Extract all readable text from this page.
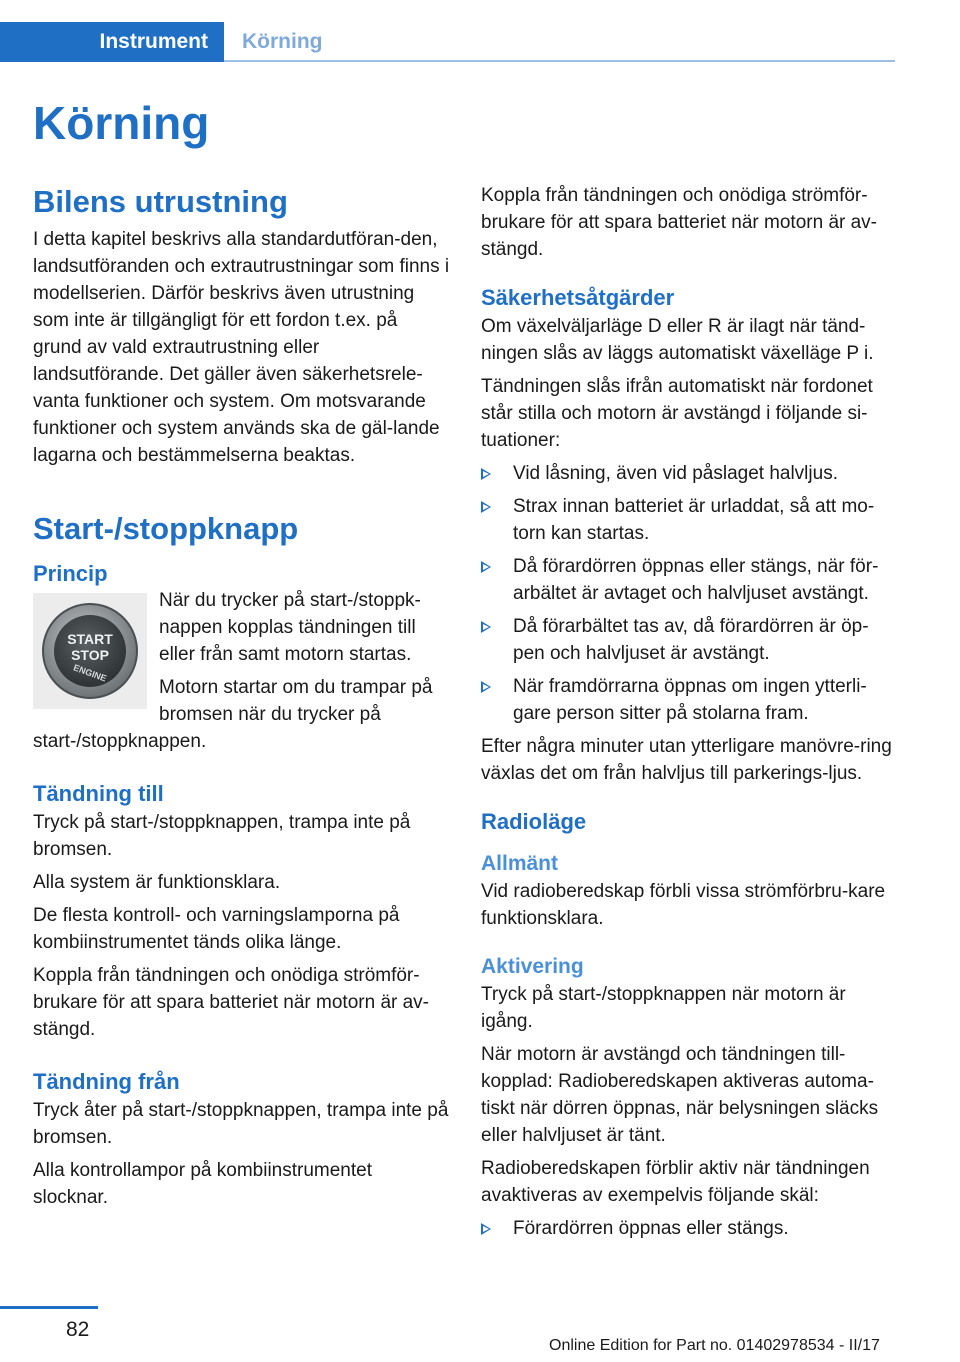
Instrument	Körning
Körning
Bilens utrustning

I detta kapitel beskrivs alla standardutföran-den, landsutföranden och extrautrustningar som finns i modellserien. Därför beskrivs även utrustning som inte är tillgängligt för ett fordon t.ex. på grund av vald extrautrustning eller landsutförande. Det gäller även säkerhetsrele-vanta funktioner och system. Om motsvarande funktioner och system används ska de gäl-lande lagarna och bestämmelserna beaktas.

Start-/stoppknapp
Princip
START
STOP
ENGINE

När du trycker på start-/stoppk-nappen kopplas tändningen till eller från samt motorn startas.

Motorn startar om du trampar på bromsen när du trycker på start-/stoppknappen.

Tändning till

Tryck på start-/stoppknappen, trampa inte på bromsen.

Alla system är funktionsklara.

De flesta kontroll- och varningslamporna på kombiinstrumentet tänds olika länge.

Koppla från tändningen och onödiga strömför-brukare för att spara batteriet när motorn är av-stängd.

Tändning från

Tryck åter på start-/stoppknappen, trampa inte på bromsen.

Alla kontrollampor på kombiinstrumentet slocknar.

Koppla från tändningen och onödiga strömför-brukare för att spara batteriet när motorn är av-stängd.

Säkerhetsåtgärder

Om växelväljarläge D eller R är ilagt när tänd-ningen slås av läggs automatiskt växelläge P i.

Tändningen slås ifrån automatiskt när fordonet står stilla och motorn är avstängd i följande si-tuationer:

Vid låsning, även vid påslaget halvljus.
Strax innan batteriet är urladdat, så att mo-torn kan startas.
Då förardörren öppnas eller stängs, när för-arbältet är avtaget och halvljuset avstängt.
Då förarbältet tas av, då förardörren är öp-pen och halvljuset är avstängt.
När framdörrarna öppnas om ingen ytterli-gare person sitter på stolarna fram.

Efter några minuter utan ytterligare manövre-ring växlas det om från halvljus till parkerings-ljus.

Radioläge
Allmänt

Vid radioberedskap förbli vissa strömförbru-kare funktionsklara.

Aktivering

Tryck på start-/stoppknappen när motorn är igång.

När motorn är avstängd och tändningen till-kopplad: Radioberedskapen aktiveras automa-tiskt när dörren öppnas, när belysningen släcks eller halvljuset är tänt.

Radioberedskapen förblir aktiv när tändningen avaktiveras av exempelvis följande skäl:

Förardörren öppnas eller stängs.
82
Online Edition for Part no. 01402978534 - II/17
